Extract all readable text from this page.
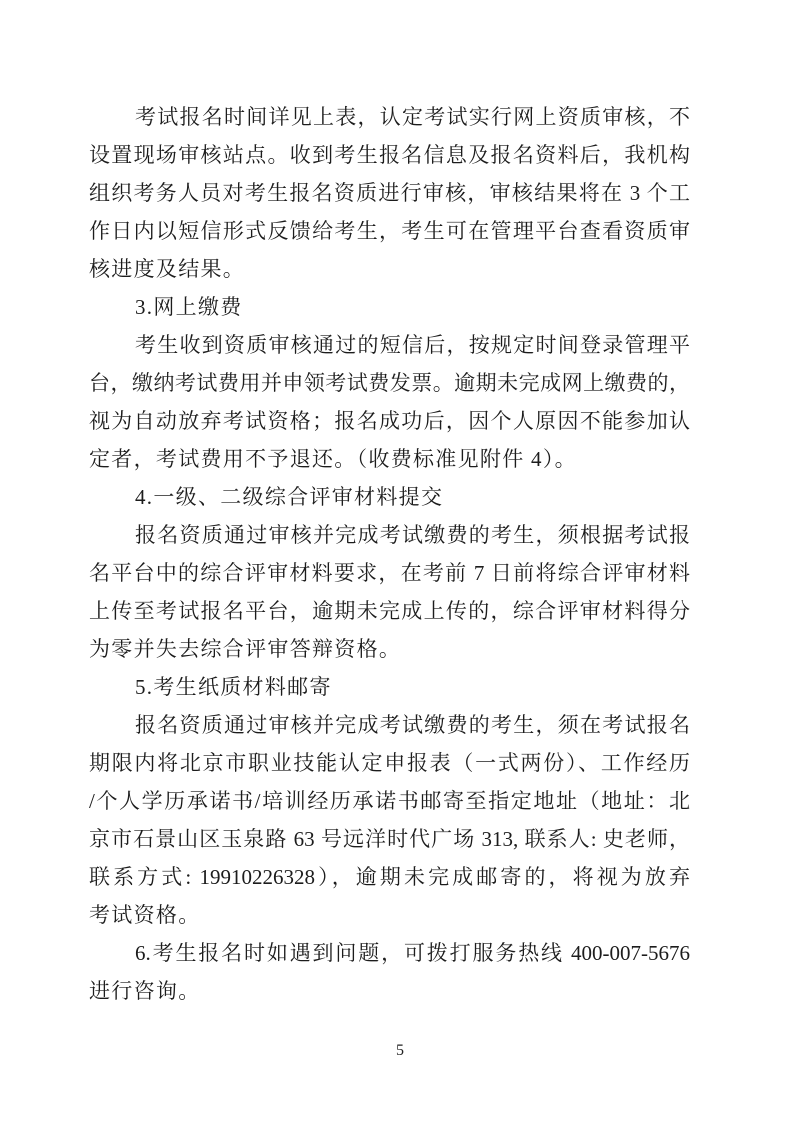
考试报名时间详见上表，认定考试实行网上资质审核，不
设置现场审核站点。收到考生报名信息及报名资料后，我机构
组织考务人员对考生报名资质进行审核，审核结果将在 3 个工
作日内以短信形式反馈给考生，考生可在管理平台查看资质审
核进度及结果。
3.网上缴费
考生收到资质审核通过的短信后，按规定时间登录管理平
台，缴纳考试费用并申领考试费发票。逾期未完成网上缴费的，
视为自动放弃考试资格；报名成功后，因个人原因不能参加认
定者，考试费用不予退还。（收费标准见附件 4）。
4.一级、二级综合评审材料提交
报名资质通过审核并完成考试缴费的考生，须根据考试报
名平台中的综合评审材料要求，在考前 7 日前将综合评审材料
上传至考试报名平台，逾期未完成上传的，综合评审材料得分
为零并失去综合评审答辩资格。
5.考生纸质材料邮寄
报名资质通过审核并完成考试缴费的考生，须在考试报名
期限内将北京市职业技能认定申报表（一式两份）、工作经历
/个人学历承诺书/培训经历承诺书邮寄至指定地址（地址：北
京市石景山区玉泉路 63 号远洋时代广场 313, 联系人: 史老师，
联系方式: 19910226328），逾期未完成邮寄的，将视为放弃
考试资格。
6.考生报名时如遇到问题，可拨打服务热线 400-007-5676
进行咨询。
5
